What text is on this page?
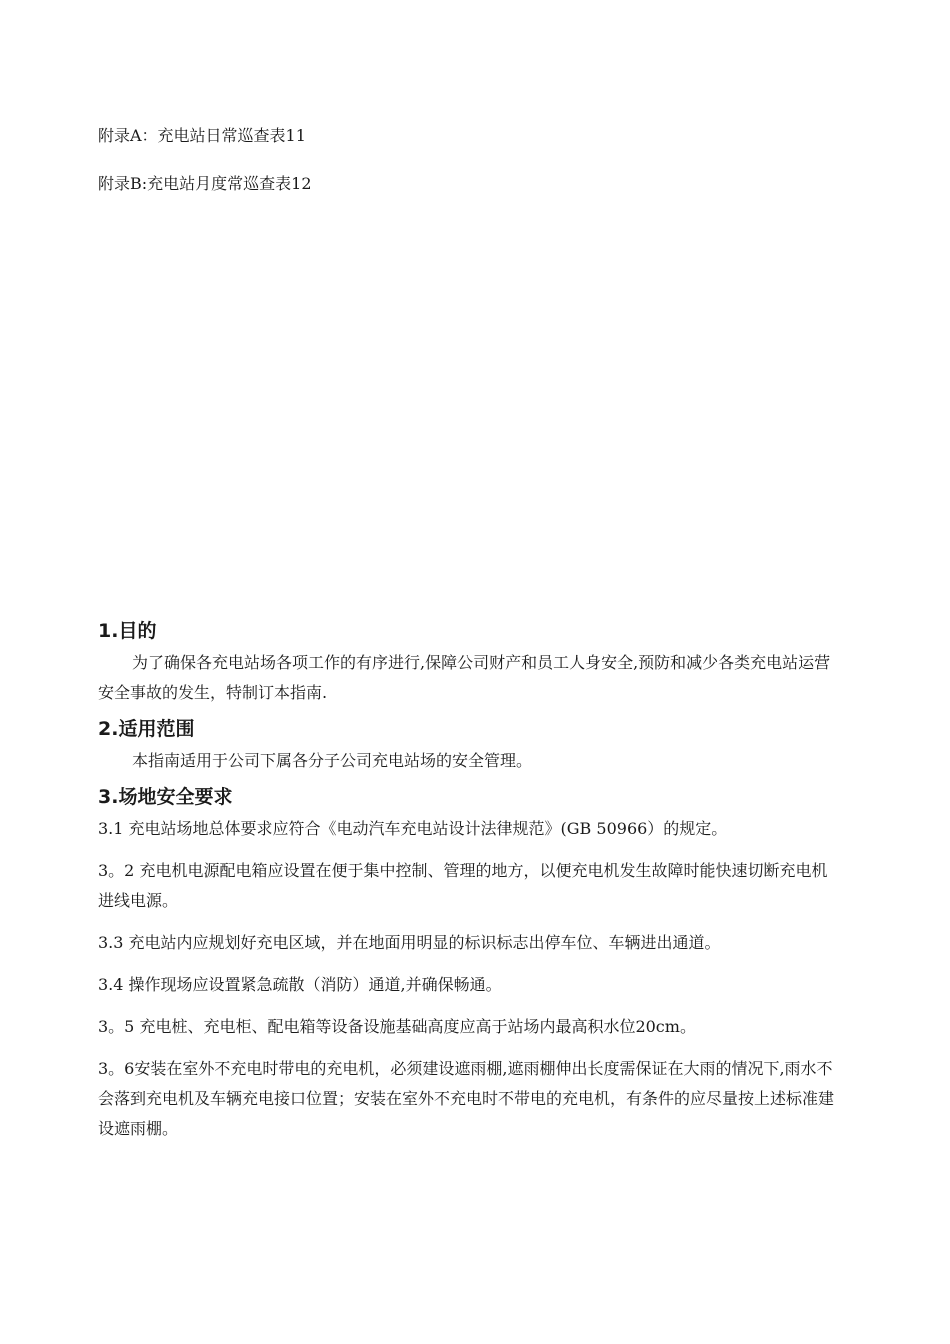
附录A：充电站日常巡查表11
附录B:充电站月度常巡查表12
1.目的

为了确保各充电站场各项工作的有序进行,保障公司财产和员工人身安全,预防和减少各类充电站运营安全事故的发生，特制订本指南.

2.适用范围

本指南适用于公司下属各分子公司充电站场的安全管理。

3.场地安全要求

3.1 充电站场地总体要求应符合《电动汽车充电站设计法律规范》(GB 50966）的规定。

3。2 充电机电源配电箱应设置在便于集中控制、管理的地方，以便充电机发生故障时能快速切断充电机进线电源。

3.3 充电站内应规划好充电区域，并在地面用明显的标识标志出停车位、车辆进出通道。

3.4 操作现场应设置紧急疏散（消防）通道,并确保畅通。

3。5 充电桩、充电柜、配电箱等设备设施基础高度应高于站场内最高积水位20cm。

3。6安装在室外不充电时带电的充电机，必须建设遮雨棚,遮雨棚伸出长度需保证在大雨的情况下,雨水不会落到充电机及车辆充电接口位置；安装在室外不充电时不带电的充电机，有条件的应尽量按上述标准建设遮雨棚。
